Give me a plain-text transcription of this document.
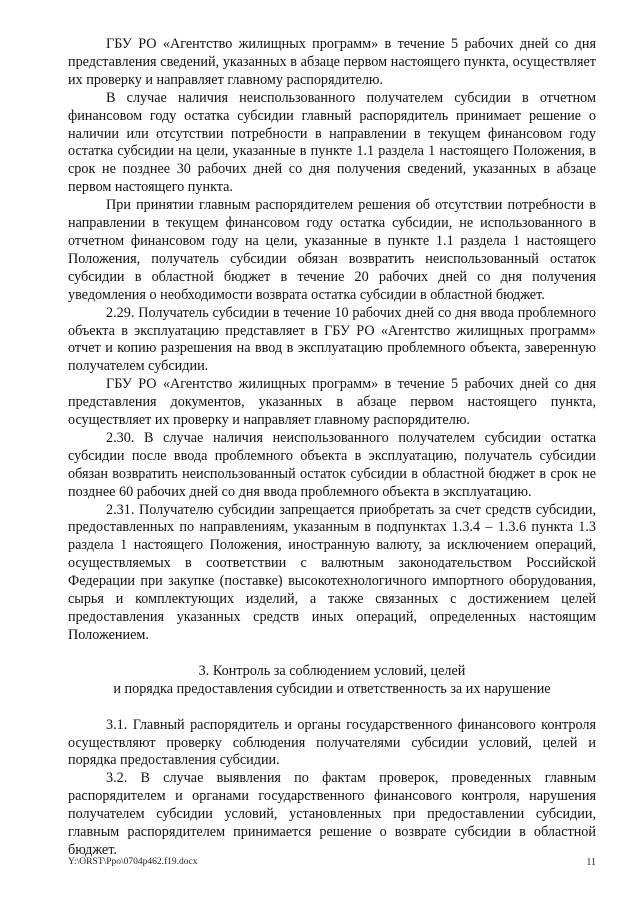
ГБУ РО «Агентство жилищных программ» в течение 5 рабочих дней со дня представления сведений, указанных в абзаце первом настоящего пункта, осуществляет их проверку и направляет главному распорядителю.

В случае наличия неиспользованного получателем субсидии в отчетном финансовом году остатка субсидии главный распорядитель принимает решение о наличии или отсутствии потребности в направлении в текущем финансовом году остатка субсидии на цели, указанные в пункте 1.1 раздела 1 настоящего Положения, в срок не позднее 30 рабочих дней со дня получения сведений, указанных в абзаце первом настоящего пункта.

При принятии главным распорядителем решения об отсутствии потребности в направлении в текущем финансовом году остатка субсидии, не использованного в отчетном финансовом году на цели, указанные в пункте 1.1 раздела 1 настоящего Положения, получатель субсидии обязан возвратить неиспользованный остаток субсидии в областной бюджет в течение 20 рабочих дней со дня получения уведомления о необходимости возврата остатка субсидии в областной бюджет.

2.29. Получатель субсидии в течение 10 рабочих дней со дня ввода проблемного объекта в эксплуатацию представляет в ГБУ РО «Агентство жилищных программ» отчет и копию разрешения на ввод в эксплуатацию проблемного объекта, заверенную получателем субсидии.

ГБУ РО «Агентство жилищных программ» в течение 5 рабочих дней со дня представления документов, указанных в абзаце первом настоящего пункта, осуществляет их проверку и направляет главному распорядителю.

2.30. В случае наличия неиспользованного получателем субсидии остатка субсидии после ввода проблемного объекта в эксплуатацию, получатель субсидии обязан возвратить неиспользованный остаток субсидии в областной бюджет в срок не позднее 60 рабочих дней со дня ввода проблемного объекта в эксплуатацию.

2.31. Получателю субсидии запрещается приобретать за счет средств субсидии, предоставленных по направлениям, указанным в подпунктах 1.3.4 – 1.3.6 пункта 1.3 раздела 1 настоящего Положения, иностранную валюту, за исключением операций, осуществляемых в соответствии с валютным законодательством Российской Федерации при закупке (поставке) высокотехнологичного импортного оборудования, сырья и комплектующих изделий, а также связанных с достижением целей предоставления указанных средств иных операций, определенных настоящим Положением.

3. Контроль за соблюдением условий, целей
и порядка предоставления субсидии и ответственность за их нарушение

3.1. Главный распорядитель и органы государственного финансового контроля осуществляют проверку соблюдения получателями субсидии условий, целей и порядка предоставления субсидии.

3.2. В случае выявления по фактам проверок, проведенных главным распорядителем и органами государственного финансового контроля, нарушения получателем субсидии условий, установленных при предоставлении субсидии, главным распорядителем принимается решение о возврате субсидии в областной бюджет.

Y:\ORST\Ppo\0704p462.f19.docx	11
